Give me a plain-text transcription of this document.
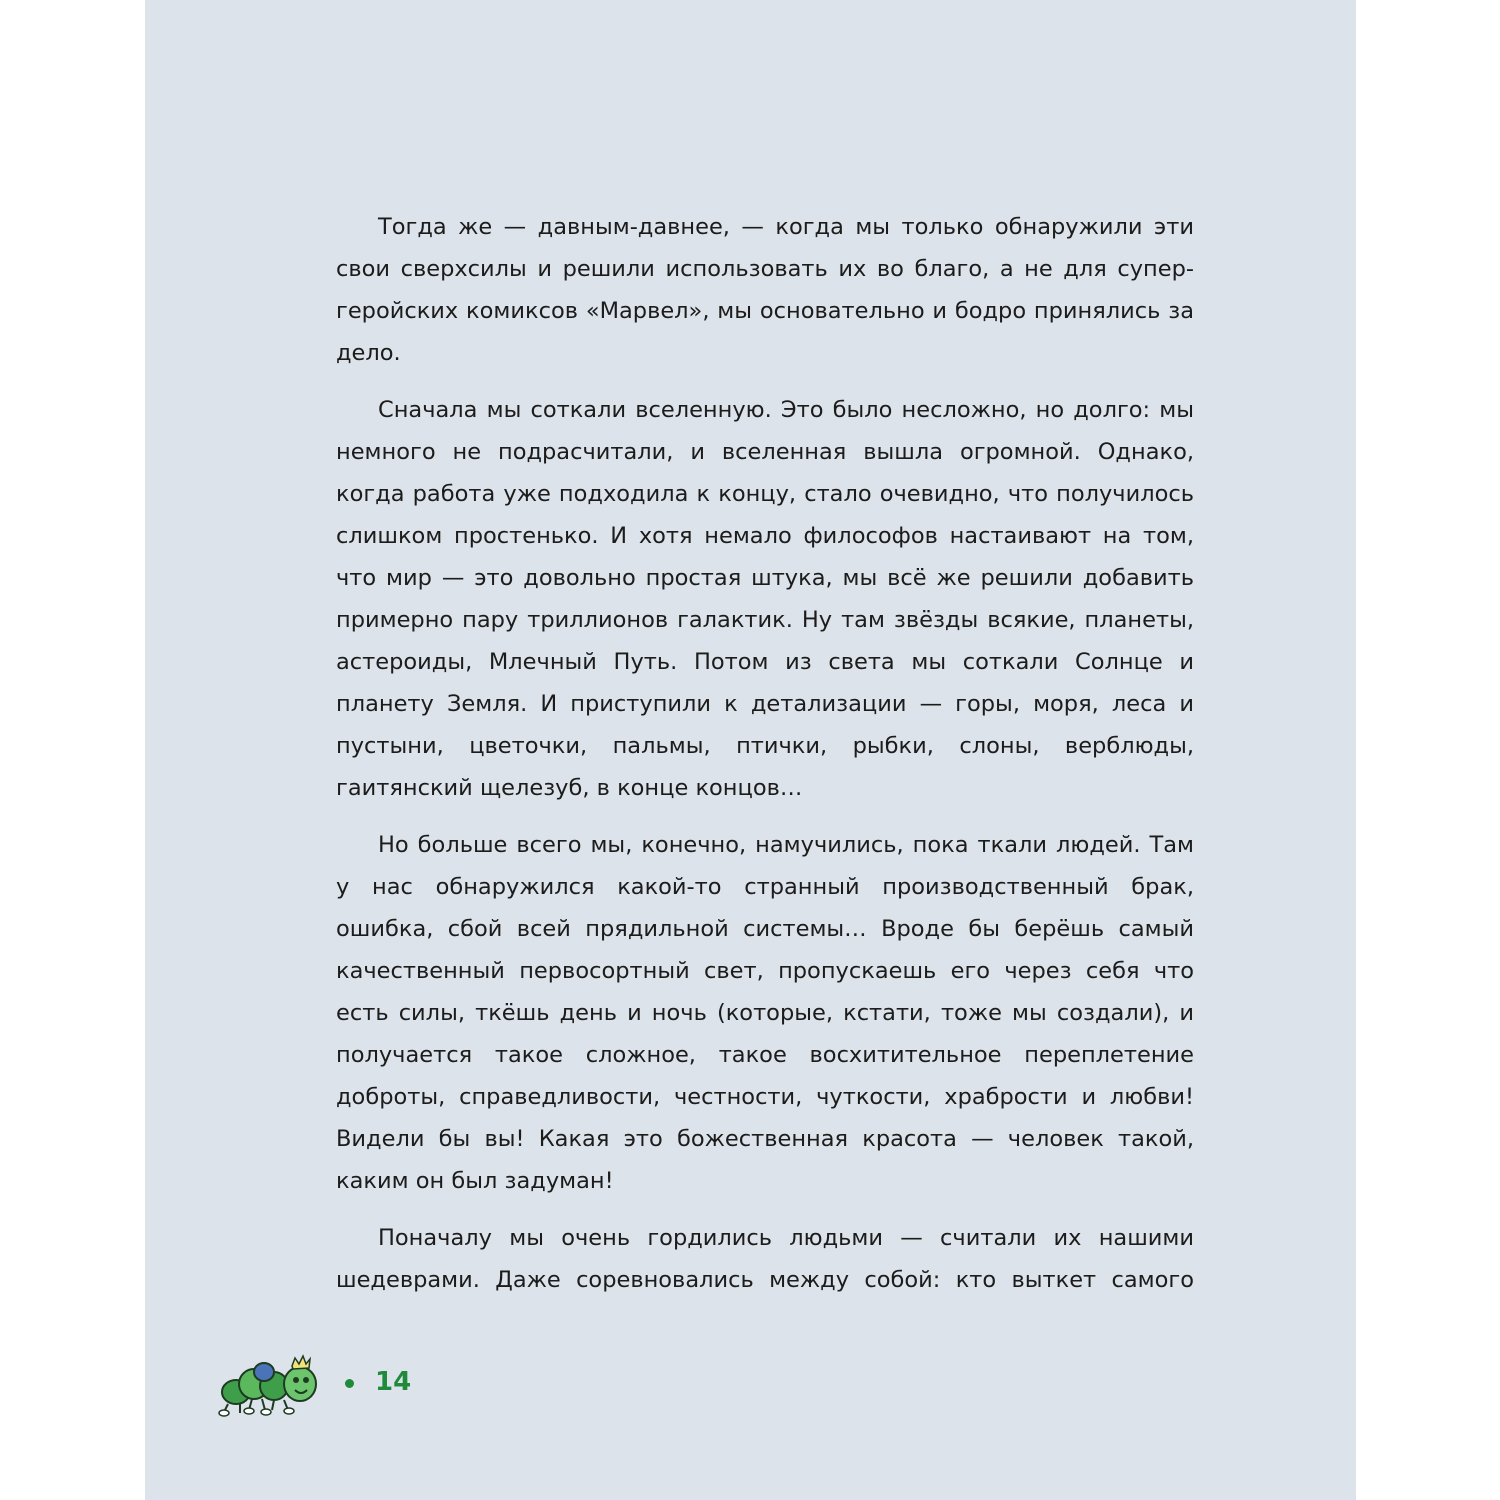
Тогда же — давным-давнее, — когда мы только обнаружили эти свои сверхсилы и решили использовать их во благо, а не для супер-геройских комиксов «Марвел», мы основательно и бодро принялись за дело.

Сначала мы соткали вселенную. Это было несложно, но долго: мы немного не подрасчитали, и вселенная вышла огромной. Однако, когда работа уже подходила к концу, стало очевидно, что получилось слишком простенько. И хотя немало философов настаивают на том, что мир — это довольно простая штука, мы всё же решили добавить примерно пару триллионов галактик. Ну там звёзды всякие, планеты, астероиды, Млечный Путь. Потом из света мы соткали Солнце и планету Земля. И приступили к детализации — горы, моря, леса и пустыни, цветочки, пальмы, птички, рыбки, слоны, верблюды, гаитянский щелезуб, в конце концов…

Но больше всего мы, конечно, намучились, пока ткали людей. Там у нас обнаружился какой-то странный производственный брак, ошибка, сбой всей прядильной системы… Вроде бы берёшь самый качественный первосортный свет, пропускаешь его через себя что есть силы, ткёшь день и ночь (которые, кстати, тоже мы создали), и получается такое сложное, такое восхитительное переплетение доброты, справедливости, честности, чуткости, храбрости и любви! Видели бы вы! Какая это божественная красота — человек такой, каким он был задуман!

Поначалу мы очень гордились людьми — считали их нашими шедеврами. Даже соревновались между собой: кто выткет самого

14
